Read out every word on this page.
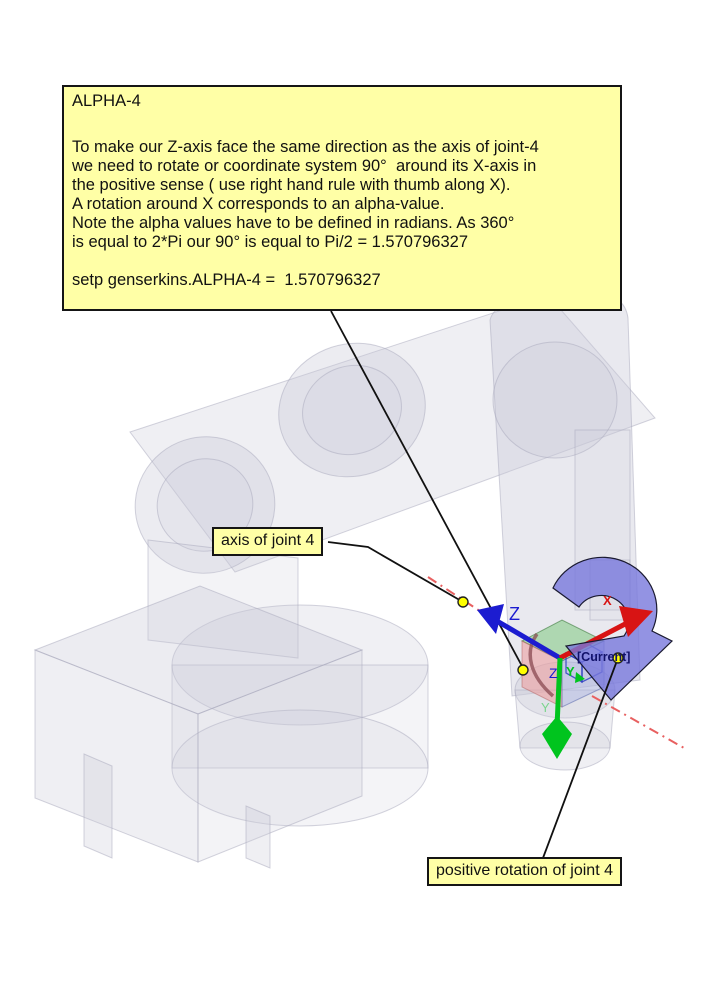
Z
X
Z Y
Y
[Current]
ALPHA-4
To make our Z-axis face the same direction as the axis of joint-4
we need to rotate or coordinate system 90°  around its X-axis in
the positive sense ( use right hand rule with thumb along X).
A rotation around X corresponds to an alpha-value.
Note the alpha values have to be defined in radians. As 360°
is equal to 2*Pi our 90° is equal to Pi/2 = 1.570796327
setp genserkins.ALPHA-4 =  1.570796327
axis of joint 4
positive rotation of joint 4
